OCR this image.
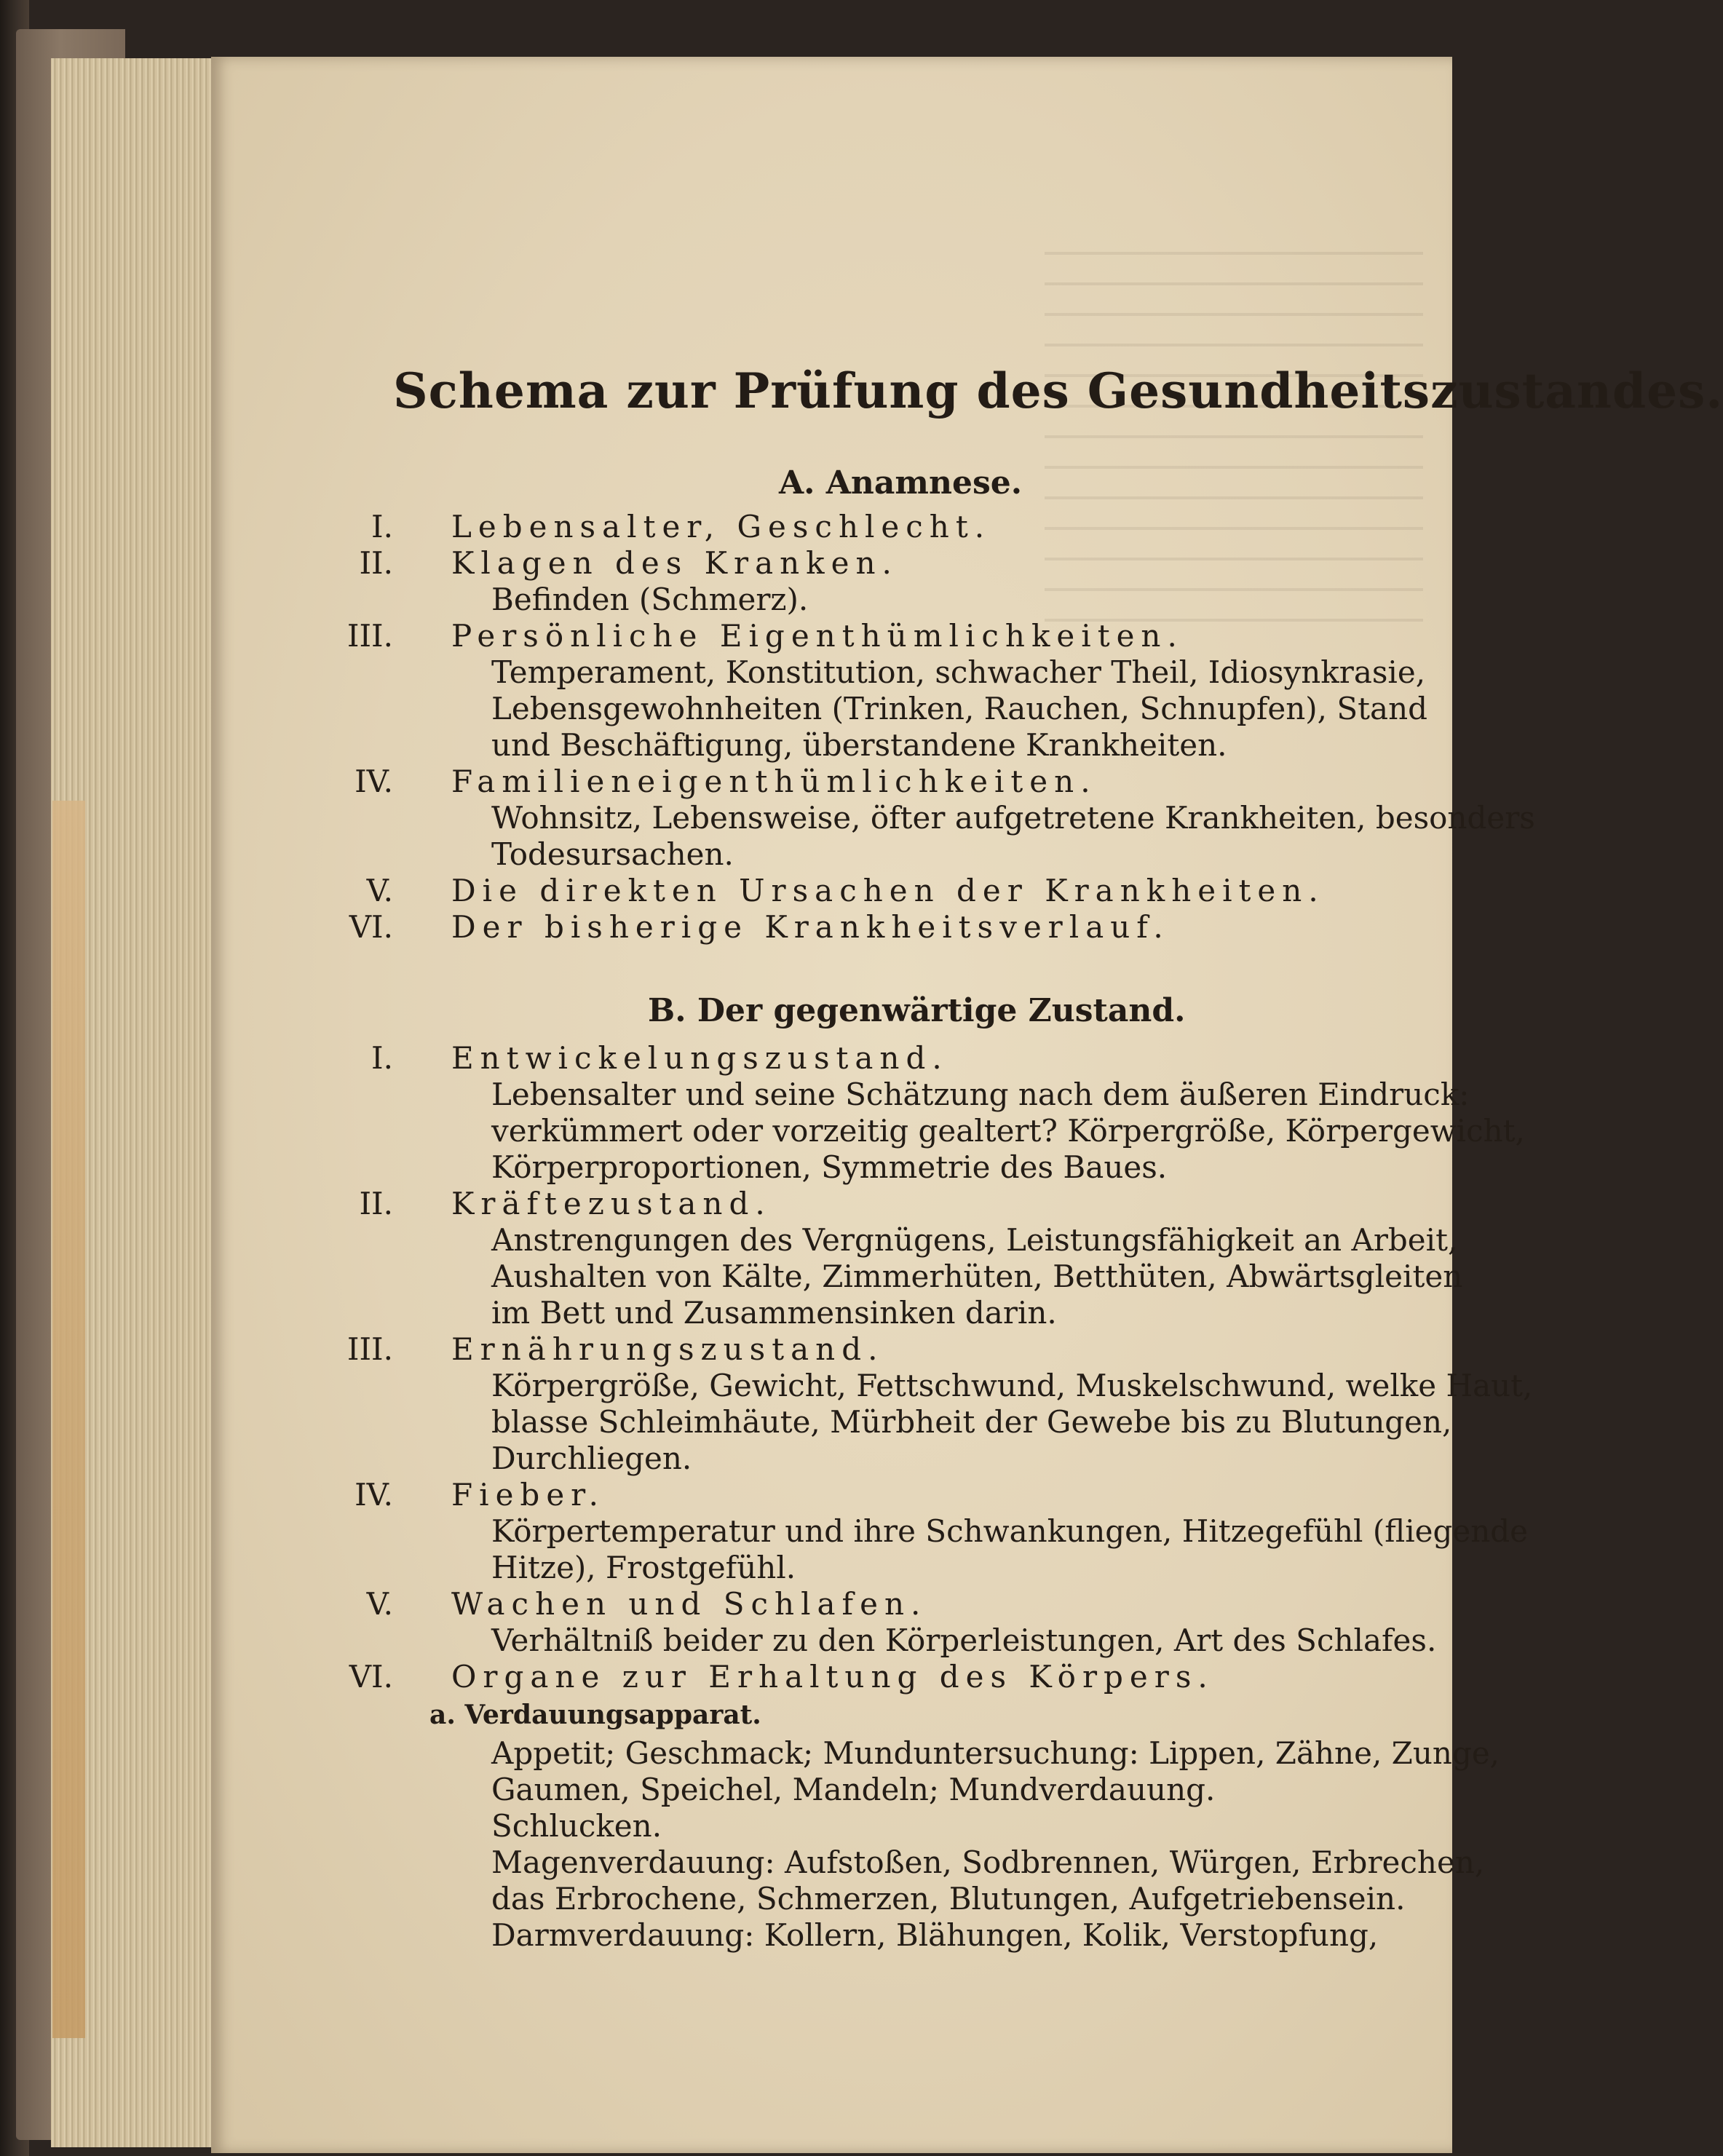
Schema zur Prüfung des Gesundheitszustandes.
A. Anamnese.
I. Lebensalter, Geschlecht.
II. Klagen des Kranken.
Befinden (Schmerz).
III. Persönliche Eigenthümlichkeiten.
Temperament, Konstitution, schwacher Theil, Idiosynkrasie,
Lebensgewohnheiten (Trinken, Rauchen, Schnupfen), Stand
und Beschäftigung, überstandene Krankheiten.
IV. Familieneigenthümlichkeiten.
Wohnsitz, Lebensweise, öfter aufgetretene Krankheiten, besonders
Todesursachen.
V. Die direkten Ursachen der Krankheiten.
VI. Der bisherige Krankheitsverlauf.
B. Der gegenwärtige Zustand.
I. Entwickelungszustand.
Lebensalter und seine Schätzung nach dem äußeren Eindruck:
verkümmert oder vorzeitig gealtert? Körpergröße, Körpergewicht,
Körperproportionen, Symmetrie des Baues.
II. Kräftezustand.
Anstrengungen des Vergnügens, Leistungsfähigkeit an Arbeit,
Aushalten von Kälte, Zimmerhüten, Betthüten, Abwärtsgleiten
im Bett und Zusammensinken darin.
III. Ernährungszustand.
Körpergröße, Gewicht, Fettschwund, Muskelschwund, welke Haut,
blasse Schleimhäute, Mürbheit der Gewebe bis zu Blutungen,
Durchliegen.
IV. Fieber.
Körpertemperatur und ihre Schwankungen, Hitzegefühl (fliegende
Hitze), Frostgefühl.
V. Wachen und Schlafen.
Verhältniß beider zu den Körperleistungen, Art des Schlafes.
VI. Organe zur Erhaltung des Körpers.
a. Verdauungsapparat.
Appetit; Geschmack; Munduntersuchung: Lippen, Zähne, Zunge,
Gaumen, Speichel, Mandeln; Mundverdauung.
Schlucken.
Magenverdauung: Aufstoßen, Sodbrennen, Würgen, Erbrechen,
das Erbrochene, Schmerzen, Blutungen, Aufgetriebensein.
Darmverdauung: Kollern, Blähungen, Kolik, Verstopfung,
